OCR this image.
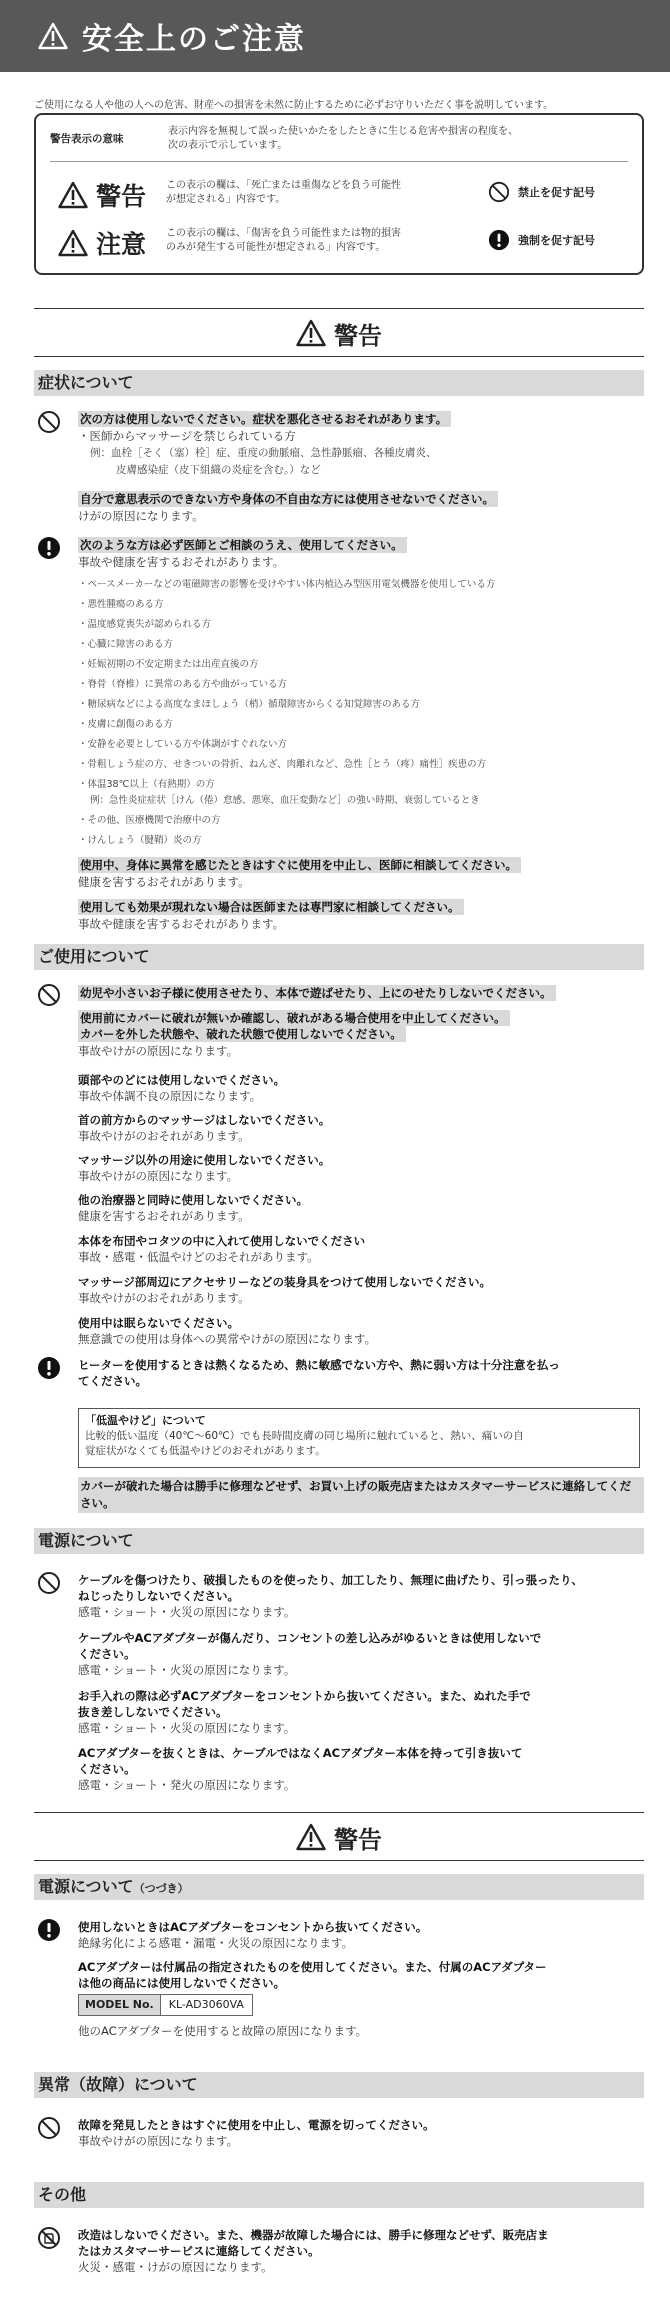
安全上のご注意
ご使用になる人や他の人への危害、財産への損害を未然に防止するために必ずお守りいただく事を説明しています。
警告表示の意味
表示内容を無視して誤った使いかたをしたときに生じる危害や損害の程度を、
次の表示で示しています。
警告 この表示の欄は、「死亡または重傷などを負う可能性
が想定される」内容です。
禁止を促す記号
注意 この表示の欄は、「傷害を負う可能性または物的損害
のみが発生する可能性が想定される」内容です。
強制を促す記号
警告
症状について
次の方は使用しないでください。症状を悪化させるおそれがあります。
・医師からマッサージを禁じられている方
例：血栓［そく（塞）栓］症、重度の動脈瘤、急性静脈瘤、各種皮膚炎、
皮膚感染症（皮下組織の炎症を含む。）など
自分で意思表示のできない方や身体の不自由な方には使用させないでください。
けがの原因になります。
次のような方は必ず医師とご相談のうえ、使用してください。
事故や健康を害するおそれがあります。
・ペースメーカーなどの電磁障害の影響を受けやすい体内植込み型医用電気機器を使用している方
・悪性腫瘍のある方
・温度感覚喪失が認められる方
・心臓に障害のある方
・妊娠初期の不安定期または出産直後の方
・脊骨（脊椎）に異常のある方や曲がっている方
・糖尿病などによる高度なまほしょう（梢）循環障害からくる知覚障害のある方
・皮膚に創傷のある方
・安静を必要としている方や体調がすぐれない方
・骨粗しょう症の方、せきついの骨折、ねんざ、肉離れなど、急性［とう（疼）痛性］疾患の方
・体温38℃以上（有熱期）の方
例：急性炎症症状［けん（倦）怠感、悪寒、血圧変動など］の強い時期、衰弱しているとき
・その他、医療機関で治療中の方
・けんしょう（腱鞘）炎の方
使用中、身体に異常を感じたときはすぐに使用を中止し、医師に相談してください。
健康を害するおそれがあります。
使用しても効果が現れない場合は医師または専門家に相談してください。
事故や健康を害するおそれがあります。
ご使用について
幼児や小さいお子様に使用させたり、本体で遊ばせたり、上にのせたりしないでください。
使用前にカバーに破れが無いか確認し、破れがある場合使用を中止してください。
カバーを外した状態や、破れた状態で使用しないでください。
事故やけがの原因になります。
頭部やのどには使用しないでください。
事故や体調不良の原因になります。
首の前方からのマッサージはしないでください。
事故やけがのおそれがあります。
マッサージ以外の用途に使用しないでください。
事故やけがの原因になります。
他の治療器と同時に使用しないでください。
健康を害するおそれがあります。
本体を布団やコタツの中に入れて使用しないでください
事故・感電・低温やけどのおそれがあります。
マッサージ部周辺にアクセサリーなどの装身具をつけて使用しないでください。
事故やけがのおそれがあります。
使用中は眠らないでください。
無意識での使用は身体への異常やけがの原因になります。
ヒーターを使用するときは熱くなるため、熱に敏感でない方や、熱に弱い方は十分注意を払っ
てください。
「低温やけど」について
比較的低い温度（40℃～60℃）でも長時間皮膚の同じ場所に触れていると、熱い、痛いの自
覚症状がなくても低温やけどのおそれがあります。
カバーが破れた場合は勝手に修理などせず、お買い上げの販売店またはカスタマーサービスに連絡してください。
電源について
ケーブルを傷つけたり、破損したものを使ったり、加工したり、無理に曲げたり、引っ張ったり、
ねじったりしないでください。
感電・ショート・火災の原因になります。
ケーブルやACアダプターが傷んだり、コンセントの差し込みがゆるいときは使用しないで
ください。
感電・ショート・火災の原因になります。
お手入れの際は必ずACアダプターをコンセントから抜いてください。また、ぬれた手で
抜き差ししないでください。
感電・ショート・火災の原因になります。
ACアダプターを抜くときは、ケーブルではなくACアダプター本体を持って引き抜いて
ください。
感電・ショート・発火の原因になります。
警告
電源について（つづき）
使用しないときはACアダプターをコンセントから抜いてください。
絶縁劣化による感電・漏電・火災の原因になります。
ACアダプターは付属品の指定されたものを使用してください。また、付属のACアダプター
は他の商品には使用しないでください。
MODEL No.	KL-AD3060VA
他のACアダプターを使用すると故障の原因になります。
異常（故障）について
故障を発見したときはすぐに使用を中止し、電源を切ってください。
事故やけがの原因になります。
その他
改造はしないでください。また、機器が故障した場合には、勝手に修理などせず、販売店ま
たはカスタマーサービスに連絡してください。
火災・感電・けがの原因になります。
